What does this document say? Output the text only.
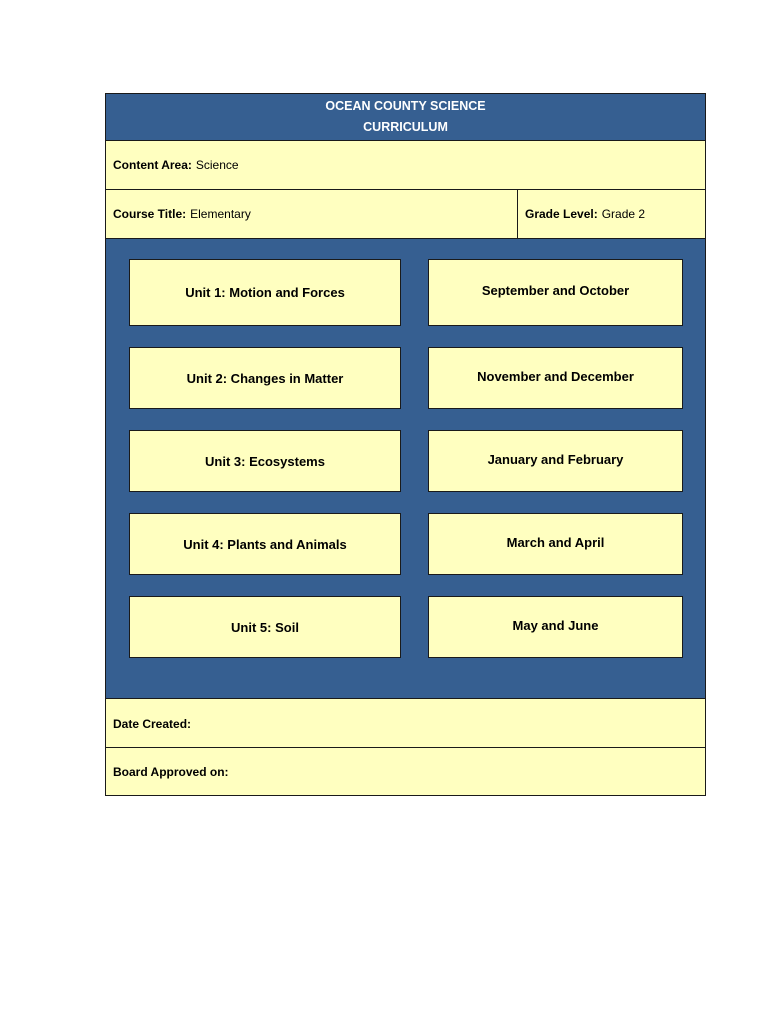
OCEAN COUNTY SCIENCE
CURRICULUM
Content Area: Science
Course Title: Elementary	Grade Level: Grade 2
Unit 1: Motion and Forces	September and October
Unit 2: Changes in Matter	November and December
Unit 3: Ecosystems	January and February
Unit 4: Plants and Animals	March and April
Unit 5: Soil	May and June
Date Created:
Board Approved on:
